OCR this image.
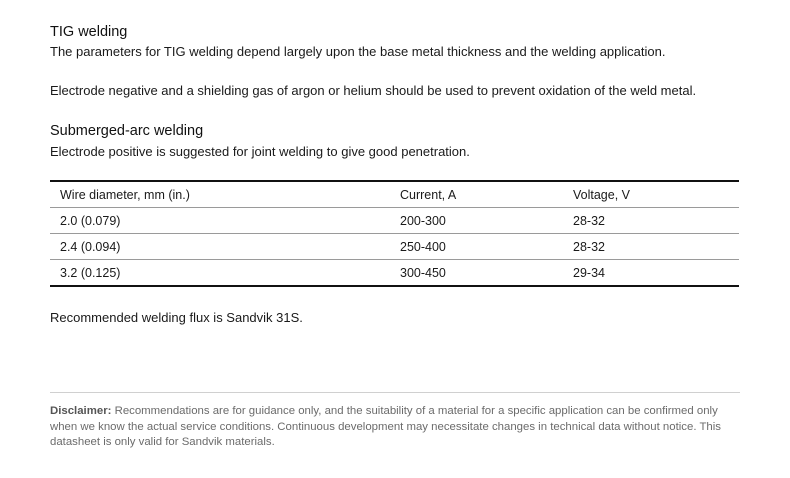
TIG welding
The parameters for TIG welding depend largely upon the base metal thickness and the welding application.
Electrode negative and a shielding gas of argon or helium should be used to prevent oxidation of the weld metal.
Submerged-arc welding
Electrode positive is suggested for joint welding to give good penetration.
Wire diameter, mm (in.)	Current, A	Voltage, V
2.0 (0.079)	200-300	28-32
2.4 (0.094)	250-400	28-32
3.2 (0.125)	300-450	29-34
Recommended welding flux is Sandvik 31S.
Disclaimer: Recommendations are for guidance only, and the suitability of a material for a specific application can be confirmed only when we know the actual service conditions. Continuous development may necessitate changes in technical data without notice. This datasheet is only valid for Sandvik materials.
